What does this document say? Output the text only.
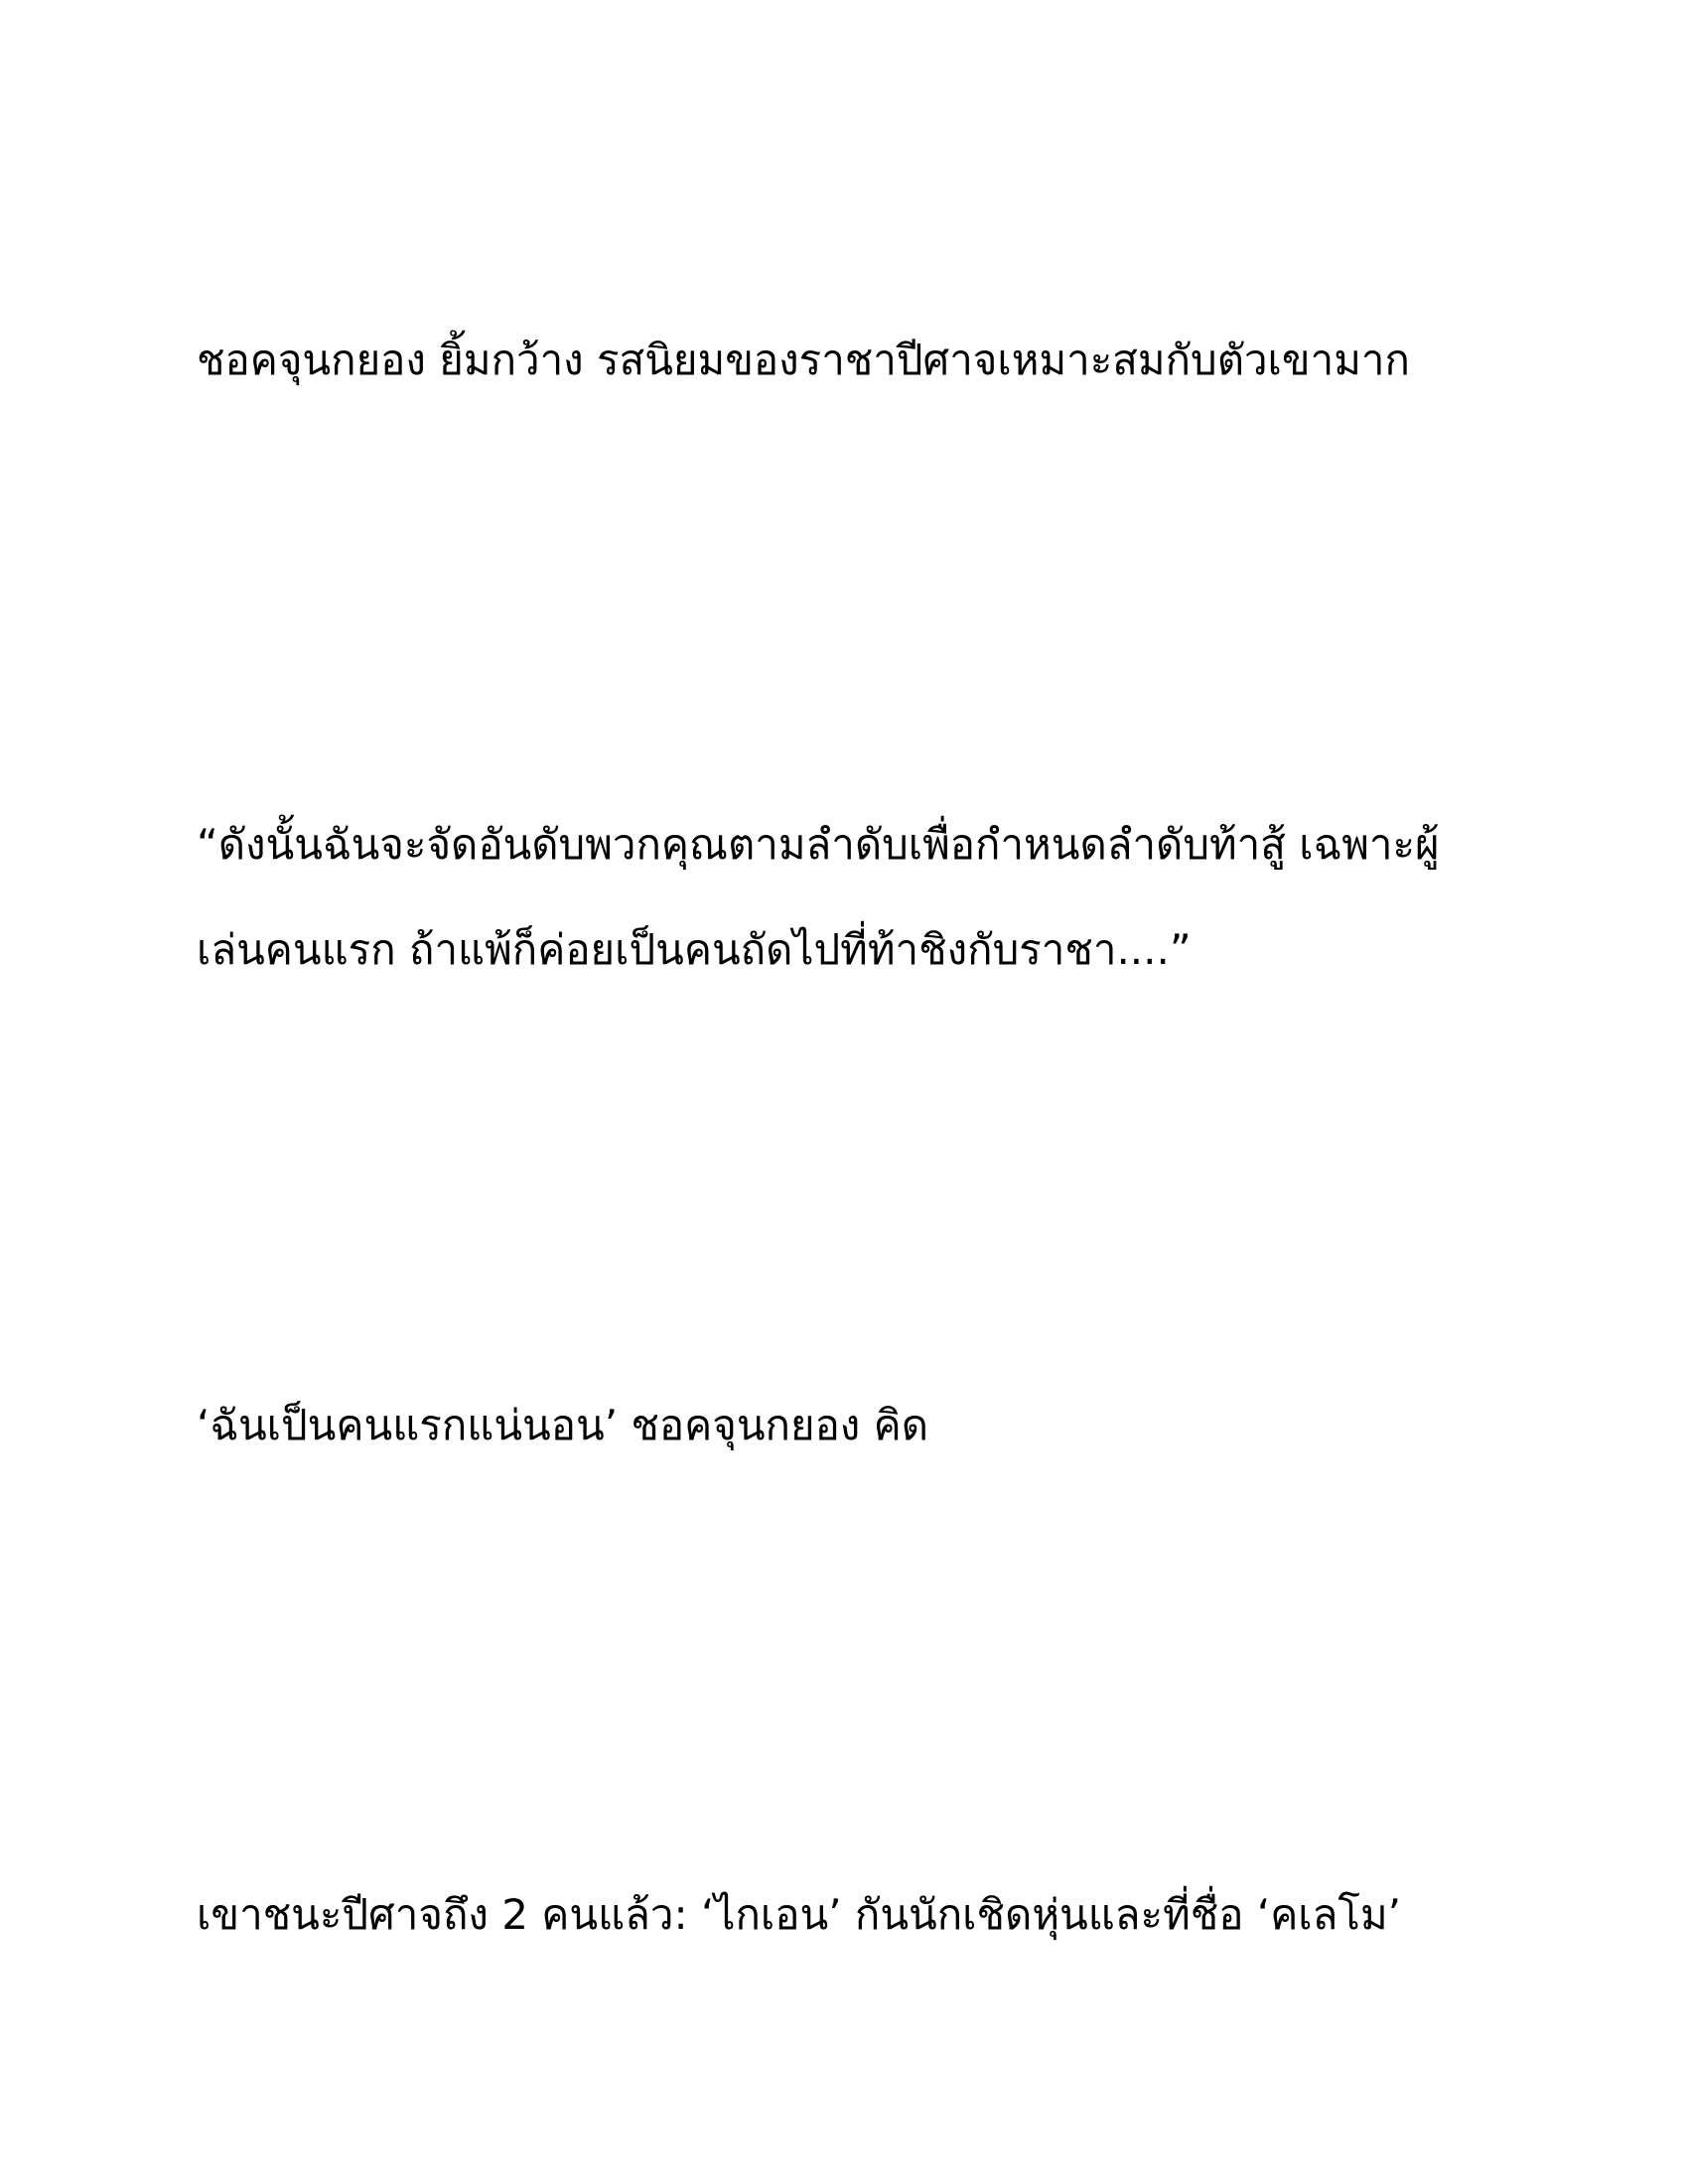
ชอคจุนกยอง ยิ้มกว้าง รสนิยมของราชาปีศาจเหมาะสมกับตัวเขามาก

“ดังนั้นฉันจะจัดอันดับพวกคุณตามลำดับเพื่อกำหนดลำดับท้าสู้ เฉพาะผู้
เล่นคนแรก ถ้าแพ้ก็ค่อยเป็นคนถัดไปที่ท้าชิงกับราชา....”

‘ฉันเป็นคนแรกแน่นอน’ ชอคจุนกยอง คิด

เขาชนะปีศาจถึง 2 คนแล้ว: ‘ไกเอน’ กันนักเชิดหุ่นและที่ชื่อ ‘คเลโม’
